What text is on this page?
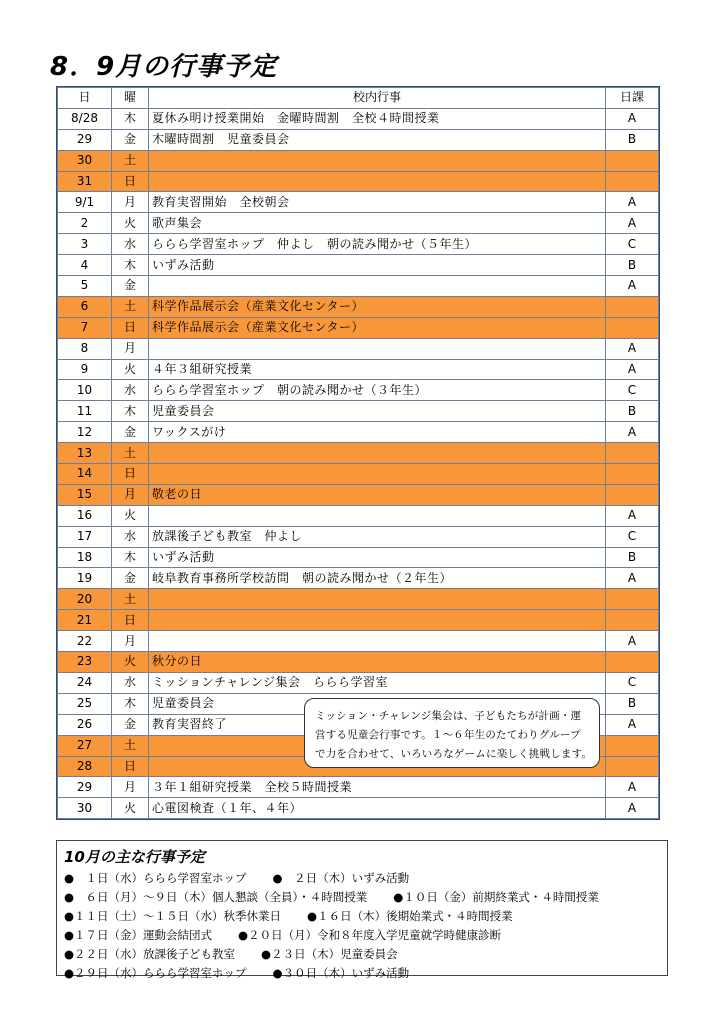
8．9月の行事予定
日	曜	校内行事	日課
8/28	木	夏休み明け授業開始　金曜時間割　全校４時間授業	A
29	金	木曜時間割　児童委員会	B
30	土		
31	日		
9/1	月	教育実習開始　全校朝会	A
2	火	歌声集会	A
3	水	ららら学習室ホップ　仲よし　朝の読み聞かせ（５年生）	C
4	木	いずみ活動	B
5	金		A
6	土	科学作品展示会（産業文化センター）	
7	日	科学作品展示会（産業文化センター）	
8	月		A
9	火	４年３組研究授業	A
10	水	ららら学習室ホップ　朝の読み聞かせ（３年生）	C
11	木	児童委員会	B
12	金	ワックスがけ	A
13	土		
14	日		
15	月	敬老の日	
16	火		A
17	水	放課後子ども教室　仲よし	C
18	木	いずみ活動	B
19	金	岐阜教育事務所学校訪問　朝の読み聞かせ（２年生）	A
20	土		
21	日		
22	月		A
23	火	秋分の日	
24	水	ミッションチャレンジ集会　ららら学習室	C
25	木	児童委員会	B
26	金	教育実習終了	A
27	土		
28	日		
29	月	３年１組研究授業　全校５時間授業	A
30	火	心電図検査（１年、４年）	A
ミッション・チャレンジ集会は、子どもたちが計画・運
営する児童会行事です。１～６年生のたてわりグループ
で力を合わせて、いろいろなゲームに楽しく挑戦します。
10月の主な行事予定
●　１日（水）ららら学習室ホップ ●　２日（木）いずみ活動
●　６日（月）～９日（木）個人懇談（全員）・４時間授業 ●１０日（金）前期終業式・４時間授業
●１１日（土）～１５日（水）秋季休業日 ●１６日（木）後期始業式・４時間授業
●１７日（金）運動会結団式 ●２０日（月）令和８年度入学児童就学時健康診断
●２２日（水）放課後子ども教室 ●２３日（木）児童委員会
●２９日（水）ららら学習室ホップ ●３０日（木）いずみ活動
